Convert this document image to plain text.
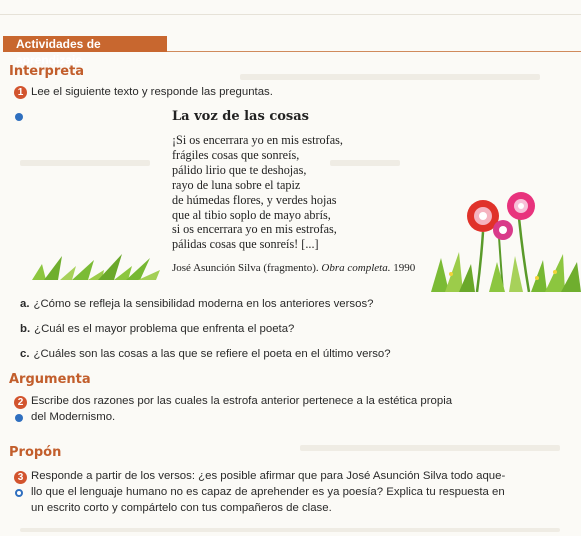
Actividades de aprendizaje
Interpreta
1 Lee el siguiente texto y responde las preguntas.
La voz de las cosas
¡Si os encerrara yo en mis estrofas,
frágiles cosas que sonreís,
pálido lirio que te deshojas,
rayo de luna sobre el tapiz
de húmedas flores, y verdes hojas
que al tibio soplo de mayo abrís,
si os encerrara yo en mis estrofas,
pálidas cosas que sonreís! [...]
José Asunción Silva (fragmento). Obra completa. 1990
a. ¿Cómo se refleja la sensibilidad moderna en los anteriores versos?
b. ¿Cuál es el mayor problema que enfrenta el poeta?
c. ¿Cuáles son las cosas a las que se refiere el poeta en el último verso?
Argumenta
2 Escribe dos razones por las cuales la estrofa anterior pertenece a la estética propia
del Modernismo.
Propón
3 Responde a partir de los versos: ¿es posible afirmar que para José Asunción Silva todo aque-
llo que el lenguaje humano no es capaz de aprehender es ya poesía? Explica tu respuesta en
un escrito corto y compártelo con tus compañeros de clase.
